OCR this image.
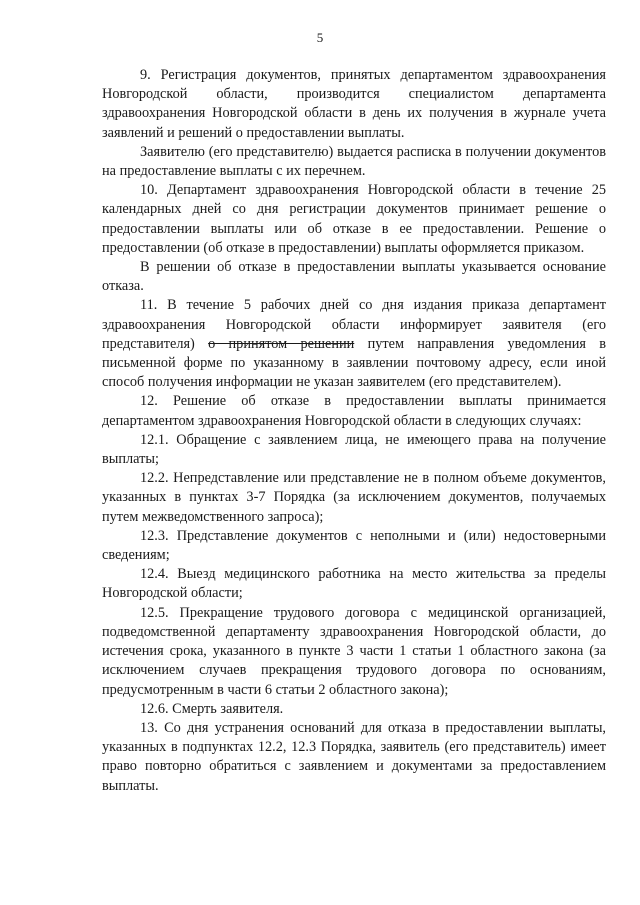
5

9. Регистрация документов, принятых департаментом здравоохранения Новгородской области, производится специалистом департамента здравоохранения Новгородской области в день их получения в журнале учета заявлений и решений о предоставлении выплаты.

Заявителю (его представителю) выдается расписка в получении документов на предоставление выплаты с их перечнем.

10. Департамент здравоохранения Новгородской области в течение 25 календарных дней со дня регистрации документов принимает решение о предоставлении выплаты или об отказе в ее предоставлении. Решение о предоставлении (об отказе в предоставлении) выплаты оформляется приказом.

В решении об отказе в предоставлении выплаты указывается основание отказа.

11. В течение 5 рабочих дней со дня издания приказа департамент здравоохранения Новгородской области информирует заявителя (его представителя) о принятом решении путем направления уведомления в письменной форме по указанному в заявлении почтовому адресу, если иной способ получения информации не указан заявителем (его представителем).

12. Решение об отказе в предоставлении выплаты принимается департаментом здравоохранения Новгородской области в следующих случаях:

12.1. Обращение с заявлением лица, не имеющего права на получение выплаты;

12.2. Непредставление или представление не в полном объеме документов, указанных в пунктах 3-7 Порядка (за исключением документов, получаемых путем межведомственного запроса);

12.3. Представление документов с неполными и (или) недостоверными сведениям;

12.4. Выезд медицинского работника на место жительства за пределы Новгородской области;

12.5. Прекращение трудового договора с медицинской организацией, подведомственной департаменту здравоохранения Новгородской области, до истечения срока, указанного в пункте 3 части 1 статьи 1 областного закона (за исключением случаев прекращения трудового договора по основаниям, предусмотренным в части 6 статьи 2 областного закона);

12.6. Смерть заявителя.

13. Со дня устранения оснований для отказа в предоставлении выплаты, указанных в подпунктах 12.2, 12.3 Порядка, заявитель (его представитель) имеет право повторно обратиться с заявлением и документами за предоставлением выплаты.
